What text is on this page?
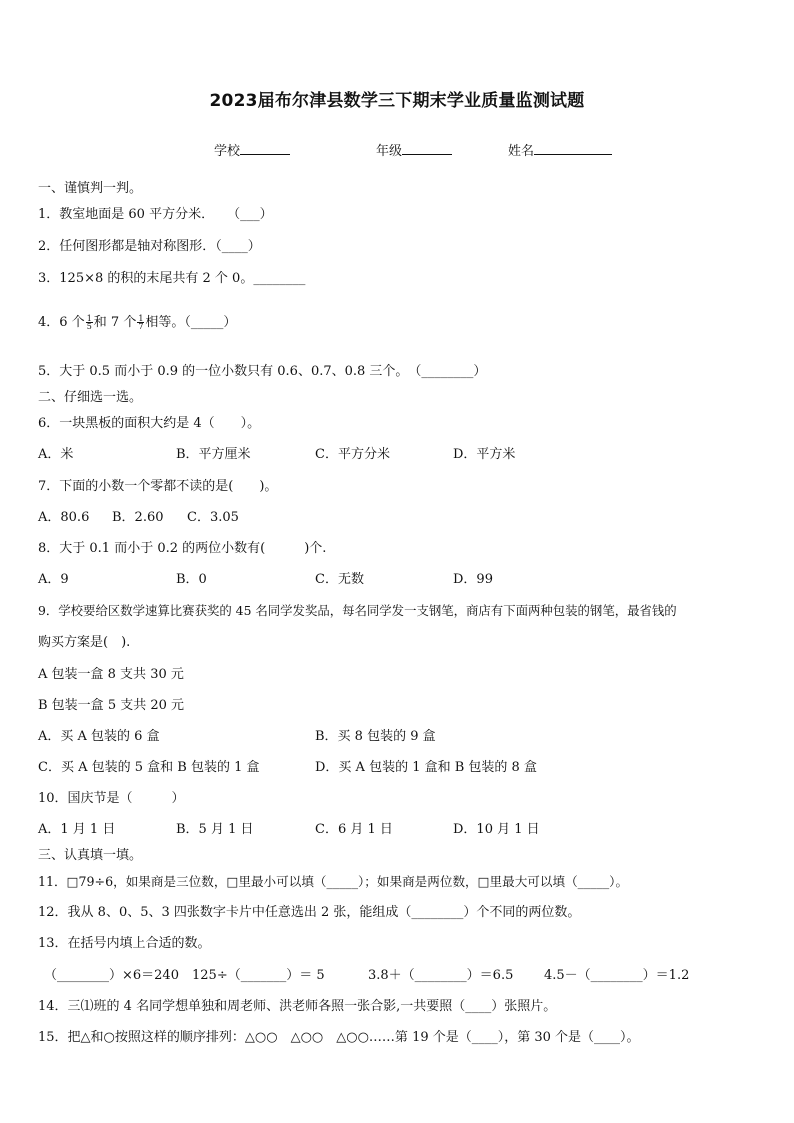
2023届布尔津县数学三下期末学业质量监测试题
学校	年级	姓名
一、谨慎判一判。
1．教室地面是 60 平方分米．　　（___）
2．任何图形都是轴对称图形．（____）
3．125×8 的积的末尾共有 2 个 0。________
4．6 个 $\frac{1}{5}$ 和 7 个 $\frac{1}{7}$ 相等。（_____）
5．大于 0.5 而小于 0.9 的一位小数只有 0.6、0.7、0.8 三个。　（________）
二、仔细选一选。
6．一块黑板的面积大约是 4（　　）。
A．米	B．平方厘米	C．平方分米	D．平方米
7．下面的小数一个零都不读的是(　　)。
A．80.6 B．2.60 C．3.05
8．大于 0.1 而小于 0.2 的两位小数有(　　　)个.
A．9	B．0	C．无数	D．99
9．学校要给区数学速算比赛获奖的 45 名同学发奖品，每名同学发一支钢笔，商店有下面两种包装的钢笔，最省钱的
购买方案是(　).
A 包装一盒 8 支共 30 元
B 包装一盒 5 支共 20 元
A．买 A 包装的 6 盒	B．买 8 包装的 9 盒
C．买 A 包装的 5 盒和 B 包装的 1 盒	D．买 A 包装的 1 盒和 B 包装的 8 盒
10．国庆节是（　　　）
A．1 月 1 日	B．5 月 1 日	C．6 月 1 日	D．10 月 1 日
三、认真填一填。
11．□79÷6，如果商是三位数，□里最小可以填（_____）；如果商是两位数，□里最大可以填（_____）。
12．我从 8、0、5、3 四张数字卡片中任意选出 2 张，能组成（________）个不同的两位数。
13．在括号内填上合适的数。
（________）×6＝240 125÷（_______）＝ 5	3.8＋（________）＝6.5 4.5－（________）＝1.2
14．三⑴班的 4 名同学想单独和周老师、洪老师各照一张合影,一共要照（____）张照片。
15．把△和○按照这样的顺序排列：△○○　△○○　△○○……第 19 个是（____），第 30 个是（____）。
